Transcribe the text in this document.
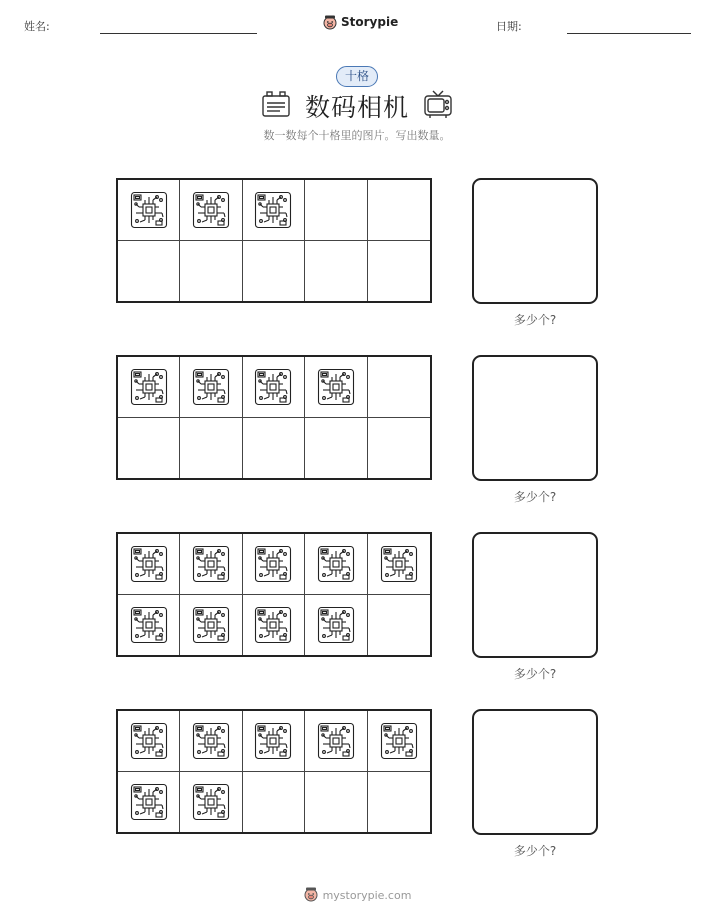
姓名:	Storypie	日期:
十格
数码相机
数一数每个十格里的图片。写出数量。
多少个?
多少个?
多少个?
多少个?
mystorypie.com
